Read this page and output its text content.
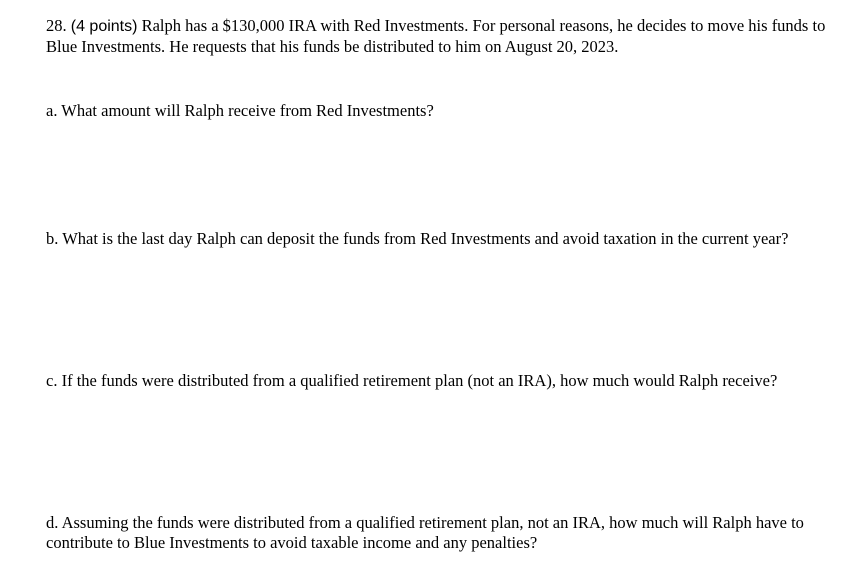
28. (4 points) Ralph has a $130,000 IRA with Red Investments. For personal reasons, he decides to move his funds to Blue Investments. He requests that his funds be distributed to him on August 20, 2023.

a. What amount will Ralph receive from Red Investments?

b. What is the last day Ralph can deposit the funds from Red Investments and avoid taxation in the current year?

c. If the funds were distributed from a qualified retirement plan (not an IRA), how much would Ralph receive?

d. Assuming the funds were distributed from a qualified retirement plan, not an IRA, how much will Ralph have to contribute to Blue Investments to avoid taxable income and any penalties?
